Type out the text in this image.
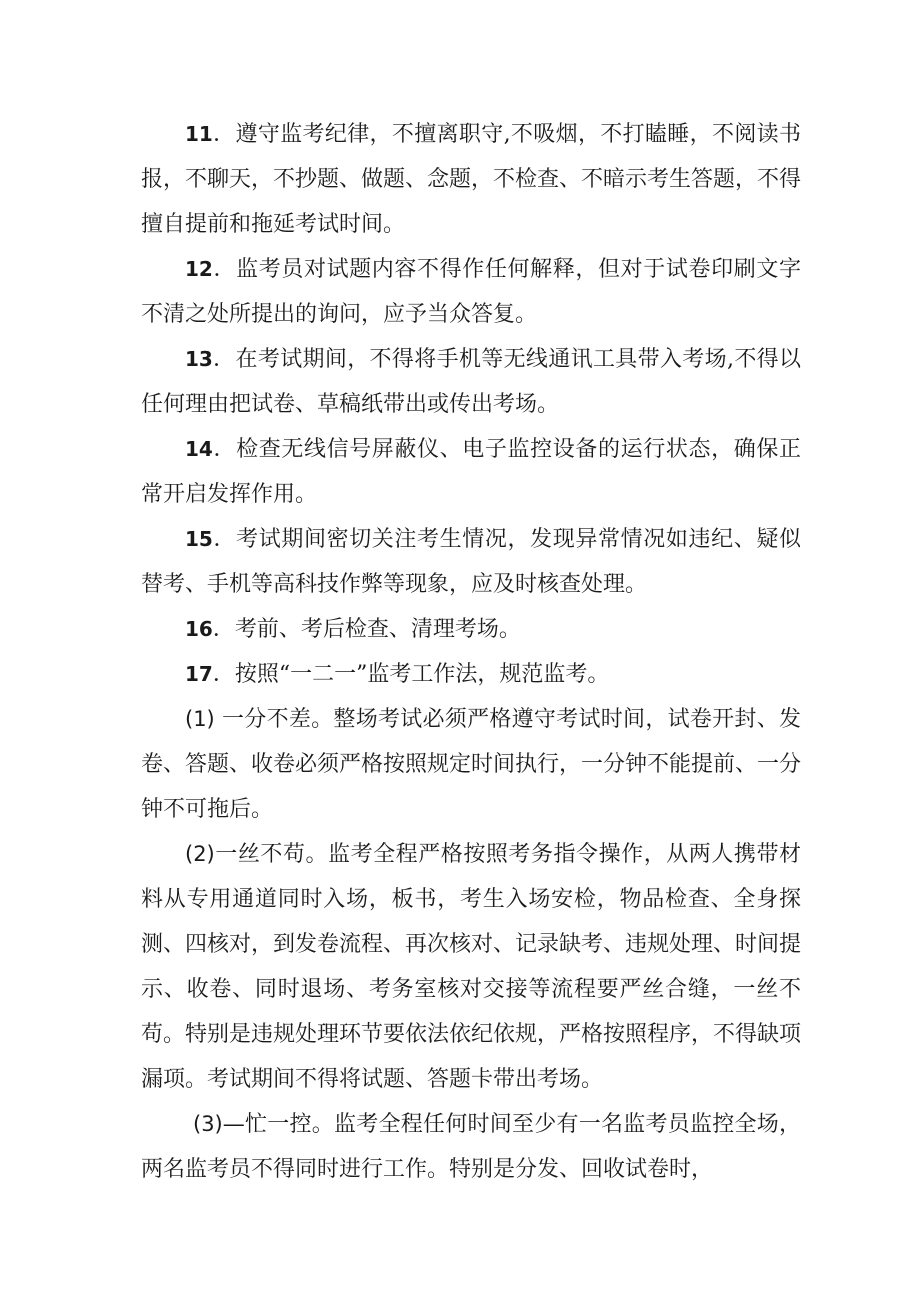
11．遵守监考纪律，不擅离职守,不吸烟，不打瞌睡，不阅读书报，不聊天，不抄题、做题、念题，不检查、不暗示考生答题，不得擅自提前和拖延考试时间。

12．监考员对试题内容不得作任何解释，但对于试卷印刷文字不清之处所提出的询问，应予当众答复。

13．在考试期间，不得将手机等无线通讯工具带入考场,不得以任何理由把试卷、草稿纸带出或传出考场。

14．检查无线信号屏蔽仪、电子监控设备的运行状态，确保正常开启发挥作用。

15．考试期间密切关注考生情况，发现异常情况如违纪、疑似替考、手机等高科技作弊等现象，应及时核查处理。

16．考前、考后检查、清理考场。

17．按照“一二一”监考工作法，规范监考。

(1) 一分不差。整场考试必须严格遵守考试时间，试卷开封、发卷、答题、收卷必须严格按照规定时间执行，一分钟不能提前、一分钟不可拖后。

(2)一丝不苟。监考全程严格按照考务指令操作，从两人携带材料从专用通道同时入场，板书，考生入场安检，物品检查、全身探测、四核对，到发卷流程、再次核对、记录缺考、违规处理、时间提示、收卷、同时退场、考务室核对交接等流程要严丝合缝，一丝不苟。特别是违规处理环节要依法依纪依规，严格按照程序，不得缺项漏项。考试期间不得将试题、答题卡带出考场。

(3)—忙一控。监考全程任何时间至少有一名监考员监控全场，两名监考员不得同时进行工作。特别是分发、回收试卷时，
